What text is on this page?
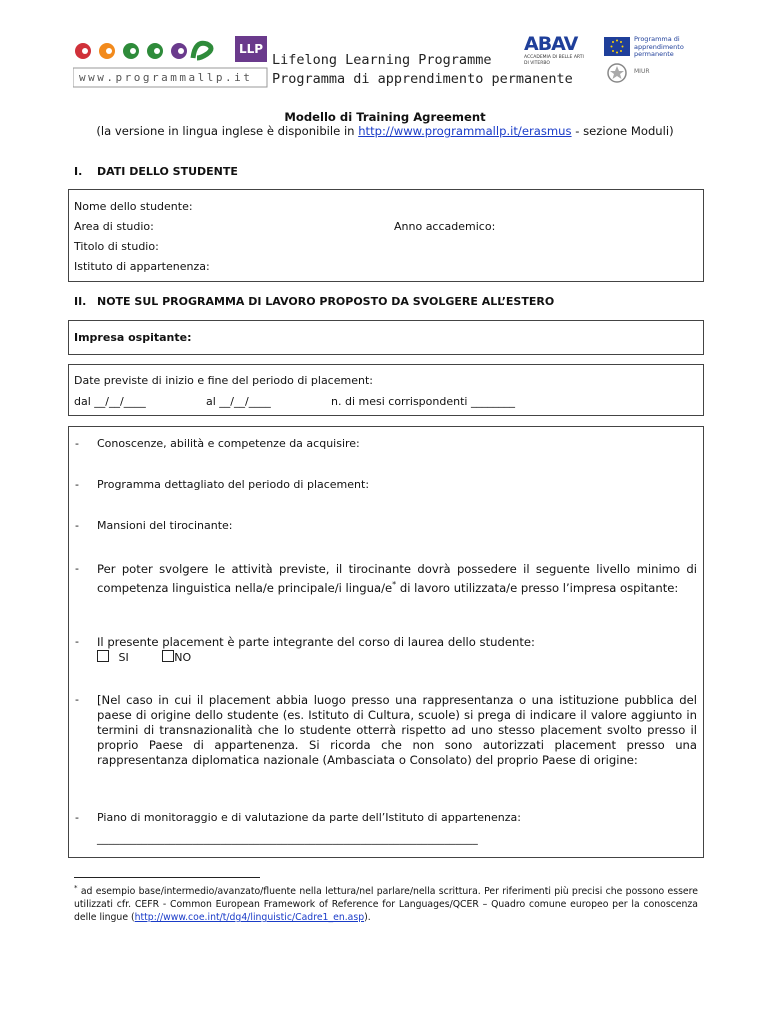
LLP
www.programmallp.it
Lifelong Learning Programme
Programma di apprendimento permanente
ABAV
ACCADEMIA DI BELLE ARTI DI VITERBO
Programma di apprendimento permanente
MIUR
Modello di Training Agreement
(la versione in lingua inglese è disponibile in http://www.programmallp.it/erasmus - sezione Moduli)
I. DATI DELLO STUDENTE
Nome dello studente:
Area di studio:	Anno accademico:
Titolo di studio:
Istituto di appartenenza:
II. NOTE SUL PROGRAMMA DI LAVORO PROPOSTO DA SVOLGERE ALL’ESTERO
Impresa ospitante:
Date previste di inizio e fine del periodo di placement:
dal __/__/____	al __/__/____	n. di mesi corrispondenti ________
- Conoscenze, abilità e competenze da acquisire:
- Programma dettagliato del periodo di placement:
- Mansioni del tirocinante:
- Per poter svolgere le attività previste, il tirocinante dovrà possedere il seguente livello minimo di competenza linguistica nella/e principale/i lingua/e* di lavoro utilizzata/e presso l’impresa ospitante:
- Il presente placement è parte integrante del corso di laurea dello studente:
SI	NO
- [Nel caso in cui il placement abbia luogo presso una rappresentanza o una istituzione pubblica del paese di origine dello studente (es. Istituto di Cultura, scuole) si prega di indicare il valore aggiunto in termini di transnazionalità che lo studente otterrà rispetto ad uno stesso placement svolto presso il proprio Paese di appartenenza. Si ricorda che non sono autorizzati placement presso una rappresentanza diplomatica nazionale (Ambasciata o Consolato) del proprio Paese di origine:
- Piano di monitoraggio e di valutazione da parte dell’Istituto di appartenenza:
____________________________________________________________________
* ad esempio base/intermedio/avanzato/fluente nella lettura/nel parlare/nella scrittura. Per riferimenti più precisi che possono essere utilizzati cfr. CEFR - Common European Framework of Reference for Languages/QCER – Quadro comune europeo per la conoscenza delle lingue (http://www.coe.int/t/dg4/linguistic/Cadre1_en.asp).
